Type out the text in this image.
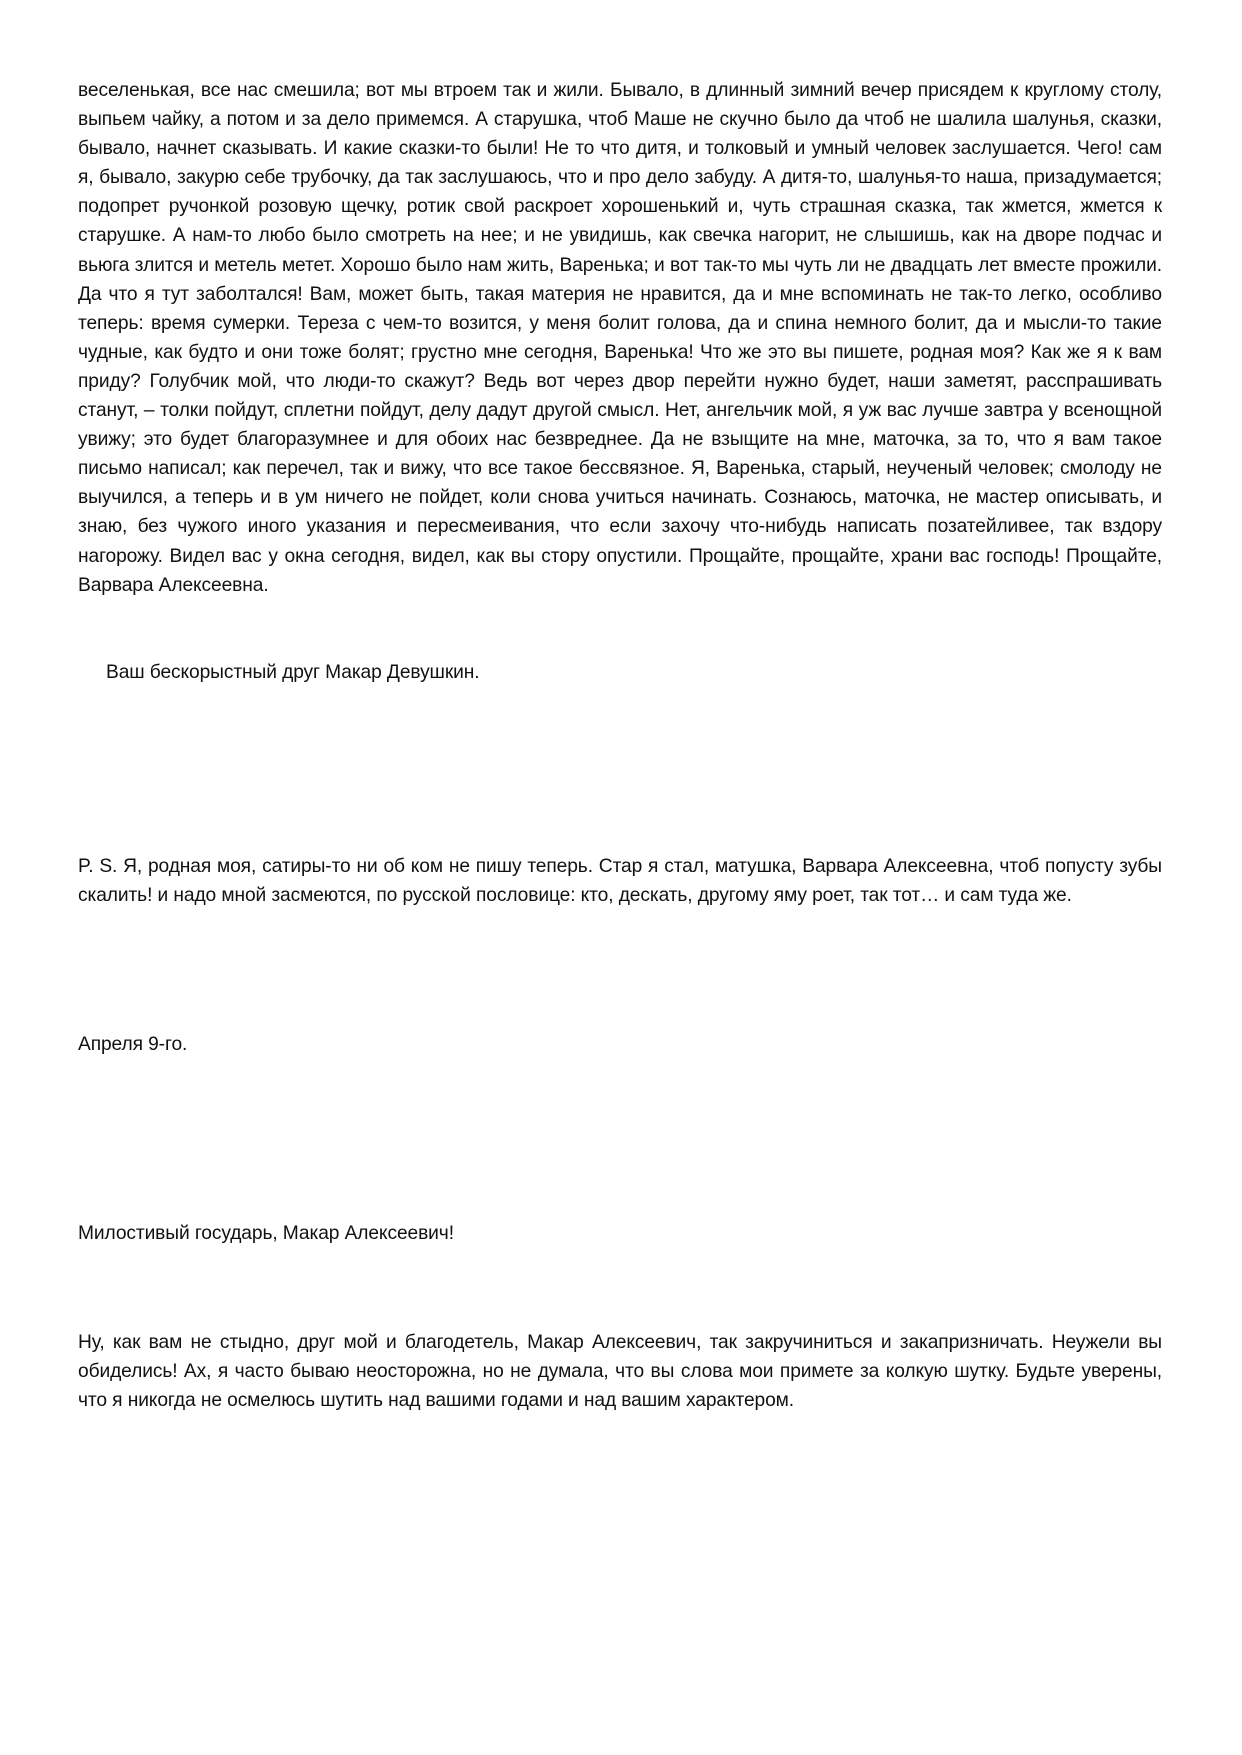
веселенькая, все нас смешила; вот мы втроем так и жили. Бывало, в длинный зимний вечер присядем к круглому столу, выпьем чайку, а потом и за дело примемся. А старушка, чтоб Маше не скучно было да чтоб не шалила шалунья, сказки, бывало, начнет сказывать. И какие сказки-то были! Не то что дитя, и толковый и умный человек заслушается. Чего! сам я, бывало, закурю себе трубочку, да так заслушаюсь, что и про дело забуду. А дитя-то, шалунья-то наша, призадумается; подопрет ручонкой розовую щечку, ротик свой раскроет хорошенький и, чуть страшная сказка, так жмется, жмется к старушке. А нам-то любо было смотреть на нее; и не увидишь, как свечка нагорит, не слышишь, как на дворе подчас и вьюга злится и метель метет. Хорошо было нам жить, Варенька; и вот так-то мы чуть ли не двадцать лет вместе прожили. Да что я тут заболтался! Вам, может быть, такая материя не нравится, да и мне вспоминать не так-то легко, особливо теперь: время сумерки. Тереза с чем-то возится, у меня болит голова, да и спина немного болит, да и мысли-то такие чудные, как будто и они тоже болят; грустно мне сегодня, Варенька! Что же это вы пишете, родная моя? Как же я к вам приду? Голубчик мой, что люди-то скажут? Ведь вот через двор перейти нужно будет, наши заметят, расспрашивать станут, – толки пойдут, сплетни пойдут, делу дадут другой смысл. Нет, ангельчик мой, я уж вас лучше завтра у всенощной увижу; это будет благоразумнее и для обоих нас безвреднее. Да не взыщите на мне, маточка, за то, что я вам такое письмо написал; как перечел, так и вижу, что все такое бессвязное. Я, Варенька, старый, неученый человек; смолоду не выучился, а теперь и в ум ничего не пойдет, коли снова учиться начинать. Сознаюсь, маточка, не мастер описывать, и знаю, без чужого иного указания и пересмеивания, что если захочу что-нибудь написать позатейливее, так вздору нагорожу. Видел вас у окна сегодня, видел, как вы стору опустили. Прощайте, прощайте, храни вас господь! Прощайте, Варвара Алексеевна.

Ваш бескорыстный друг Макар Девушкин.

P. S. Я, родная моя, сатиры-то ни об ком не пишу теперь. Стар я стал, матушка, Варвара Алексеевна, чтоб попусту зубы скалить! и надо мной засмеются, по русской пословице: кто, дескать, другому яму роет, так тот… и сам туда же.

Апреля 9-го.

Милостивый государь, Макар Алексеевич!

Ну, как вам не стыдно, друг мой и благодетель, Макар Алексеевич, так закручиниться и закапризничать. Неужели вы обиделись! Ах, я часто бываю неосторожна, но не думала, что вы слова мои примете за колкую шутку. Будьте уверены, что я никогда не осмелюсь шутить над вашими годами и над вашим характером.
